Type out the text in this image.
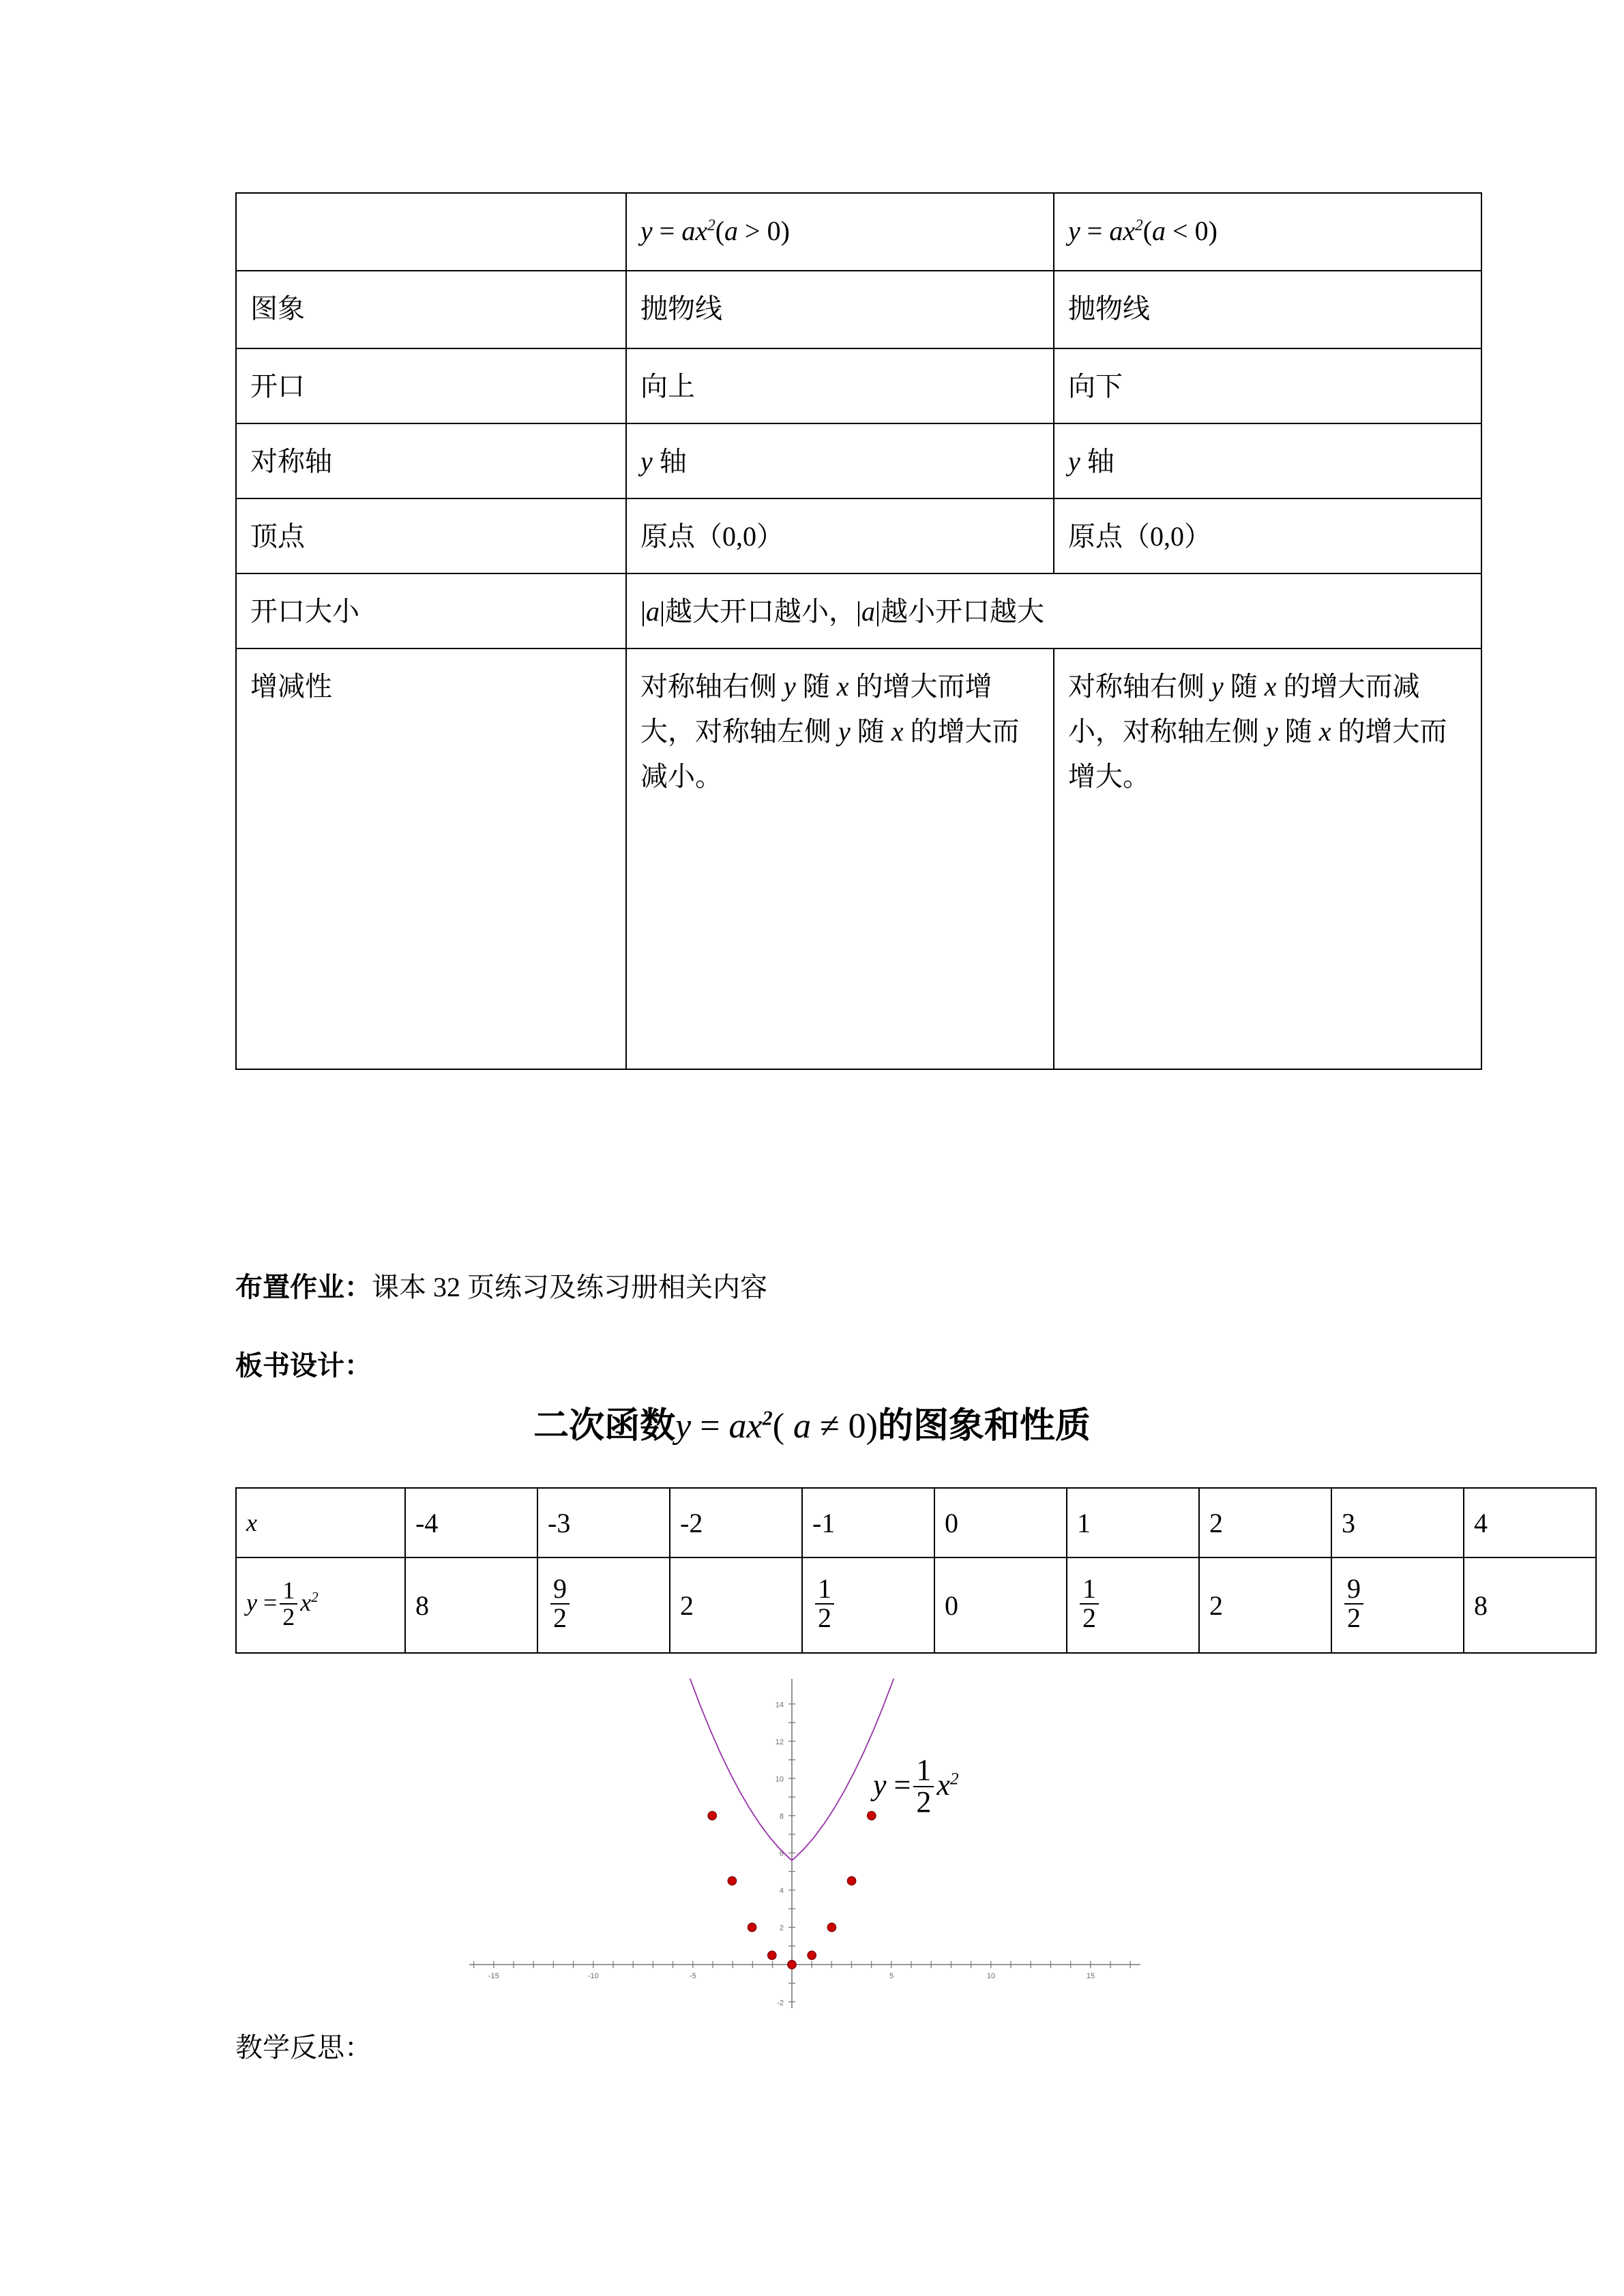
	$y = ax^2(a > 0)$	$y = ax^2(a < 0)$
图象	抛物线	抛物线
开口	向上	向下
对称轴	y 轴	y 轴
顶点	原点（0,0）	原点（0,0）
开口大小	|a|越大开口越小，|a|越小开口越大	
增减性	对称轴右侧 y 随 x 的增大而增大，对称轴左侧 y 随 x 的增大而减小。	对称轴右侧 y 随 x 的增大而减小，对称轴左侧 y 随 x 的增大而增大。
布置作业：课本 32 页练习及练习册相关内容
板书设计：
二次函数$y = ax^2$( a ≠ 0)的图象和性质
x	-4	-3	-2	-1	0	1	2	3	4
$y = \frac{1}{2} x^2$	8	$\frac{9}{2}$	2	$\frac{1}{2}$	0	$\frac{1}{2}$	2	$\frac{9}{2}$	8
-15	-10	-5	5	10	15
2
4
6
8
10
12
14
-2
$y = \frac{1}{2} x^2$
教学反思：
